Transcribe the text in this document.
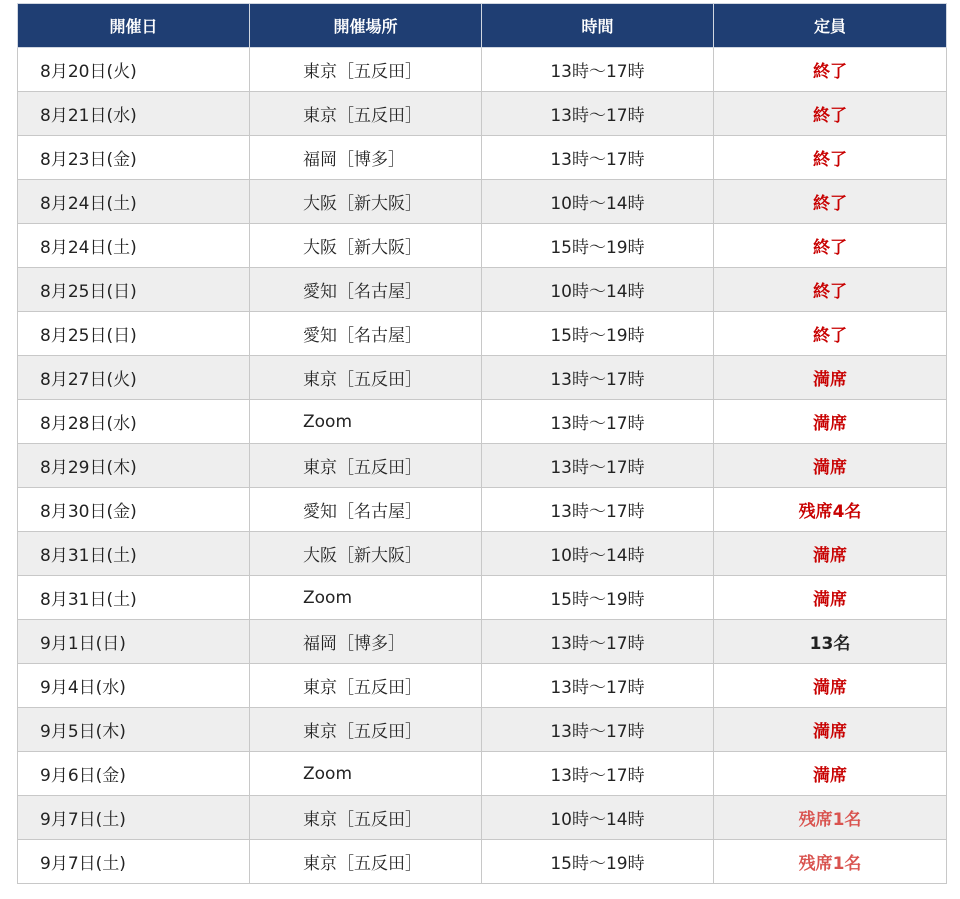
開催日	開催場所	時間	定員
8月20日(火)	東京［五反田］	13時〜17時	終了
8月21日(水)	東京［五反田］	13時〜17時	終了
8月23日(金)	福岡［博多］	13時〜17時	終了
8月24日(土)	大阪［新大阪］	10時〜14時	終了
8月24日(土)	大阪［新大阪］	15時〜19時	終了
8月25日(日)	愛知［名古屋］	10時〜14時	終了
8月25日(日)	愛知［名古屋］	15時〜19時	終了
8月27日(火)	東京［五反田］	13時〜17時	満席
8月28日(水)	Zoom	13時〜17時	満席
8月29日(木)	東京［五反田］	13時〜17時	満席
8月30日(金)	愛知［名古屋］	13時〜17時	残席4名
8月31日(土)	大阪［新大阪］	10時〜14時	満席
8月31日(土)	Zoom	15時〜19時	満席
9月1日(日)	福岡［博多］	13時〜17時	13名
9月4日(水)	東京［五反田］	13時〜17時	満席
9月5日(木)	東京［五反田］	13時〜17時	満席
9月6日(金)	Zoom	13時〜17時	満席
9月7日(土)	東京［五反田］	10時〜14時	残席1名
9月7日(土)	東京［五反田］	15時〜19時	残席1名
